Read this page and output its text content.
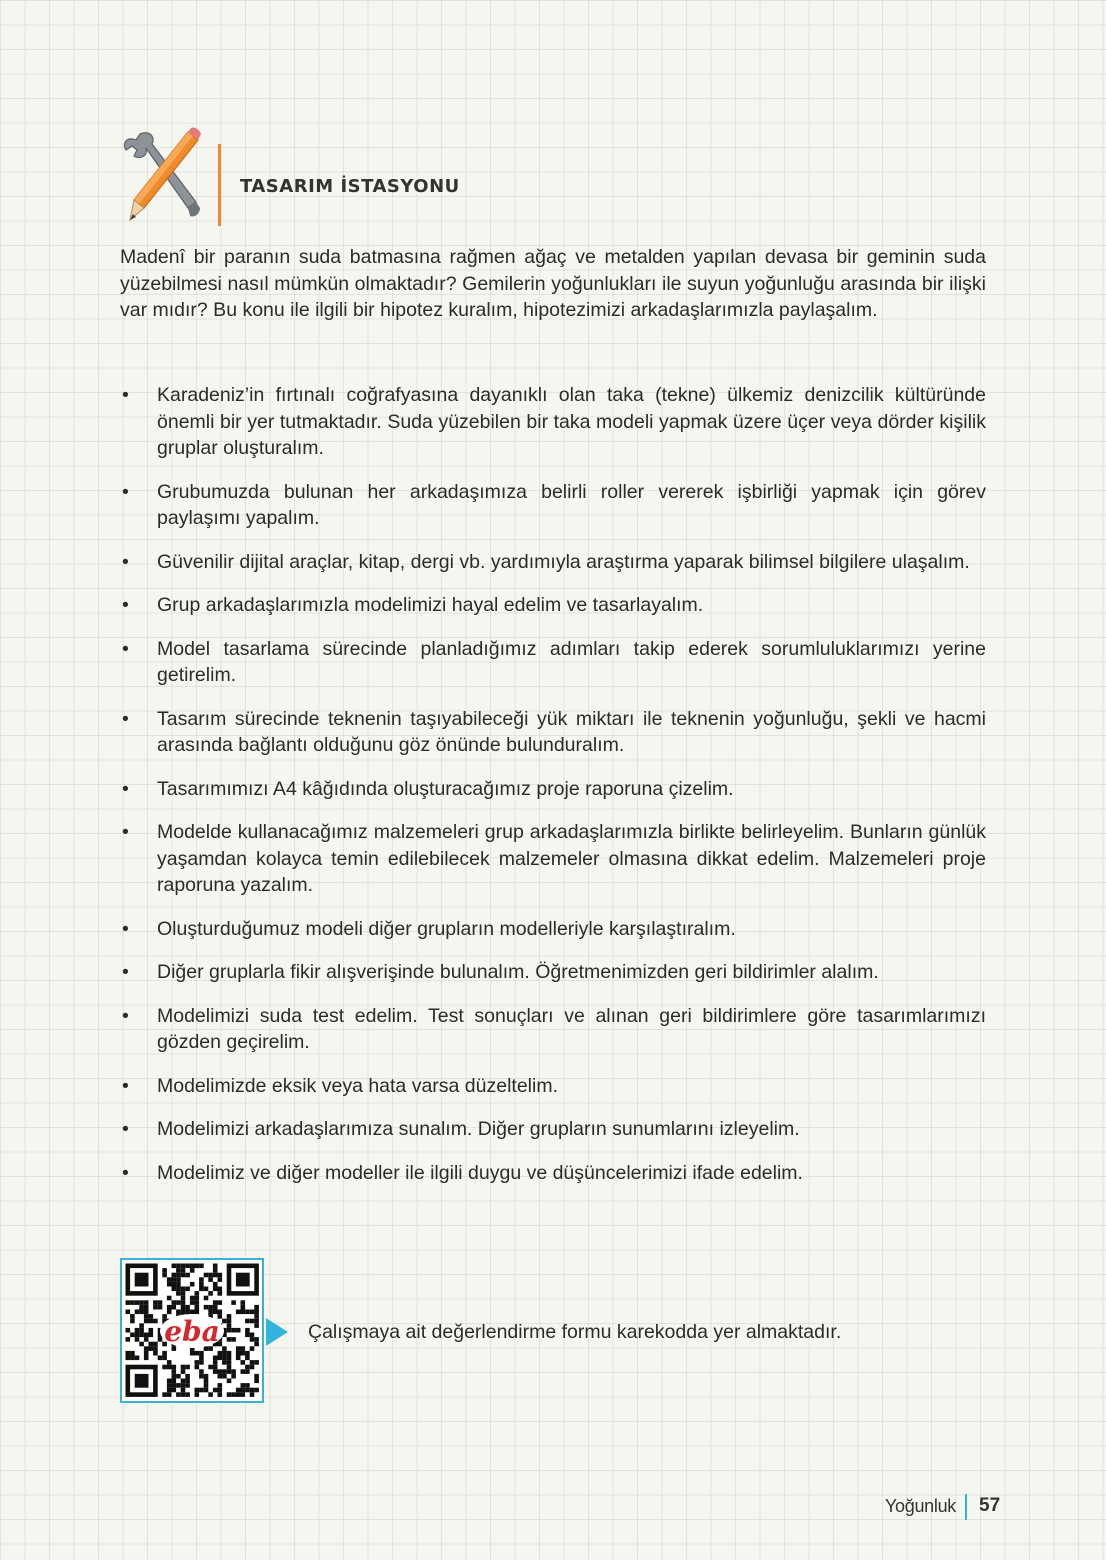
TASARIM İSTASYONU

Madenî bir paranın suda batmasına rağmen ağaç ve metalden yapılan devasa bir geminin suda yüzebilmesi nasıl mümkün olmaktadır? Gemilerin yoğunlukları ile suyun yoğunluğu arasında bir ilişki var mıdır? Bu konu ile ilgili bir hipotez kuralım, hipotezimizi arkadaşlarımızla paylaşalım.

• Karadeniz’in fırtınalı coğrafyasına dayanıklı olan taka (tekne) ülkemiz denizcilik kültüründe önemli bir yer tutmaktadır. Suda yüzebilen bir taka modeli yapmak üzere üçer veya dörder kişilik gruplar oluşturalım.
• Grubumuzda bulunan her arkadaşımıza belirli roller vererek işbirliği yapmak için görev paylaşımı yapalım.
• Güvenilir dijital araçlar, kitap, dergi vb. yardımıyla araştırma yaparak bilimsel bilgilere ulaşalım.
• Grup arkadaşlarımızla modelimizi hayal edelim ve tasarlayalım.
• Model tasarlama sürecinde planladığımız adımları takip ederek sorumluluklarımızı yerine getirelim.
• Tasarım sürecinde teknenin taşıyabileceği yük miktarı ile teknenin yoğunluğu, şekli ve hacmi arasında bağlantı olduğunu göz önünde bulunduralım.
• Tasarımımızı A4 kâğıdında oluşturacağımız proje raporuna çizelim.
• Modelde kullanacağımız malzemeleri grup arkadaşlarımızla birlikte belirleyelim. Bunların günlük yaşamdan kolayca temin edilebilecek malzemeler olmasına dikkat edelim. Malzemeleri proje raporuna yazalım.
• Oluşturduğumuz modeli diğer grupların modelleriyle karşılaştıralım.
• Diğer gruplarla fikir alışverişinde bulunalım. Öğretmenimizden geri bildirimler alalım.
• Modelimizi suda test edelim. Test sonuçları ve alınan geri bildirimlere göre tasarımlarımızı gözden geçirelim.
• Modelimizde eksik veya hata varsa düzeltelim.
• Modelimizi arkadaşlarımıza sunalım. Diğer grupların sunumlarını izleyelim.
• Modelimiz ve diğer modeller ile ilgili duygu ve düşüncelerimizi ifade edelim.
eba	Çalışmaya ait değerlendirme formu karekodda yer almaktadır.
Yoğunluk 57
